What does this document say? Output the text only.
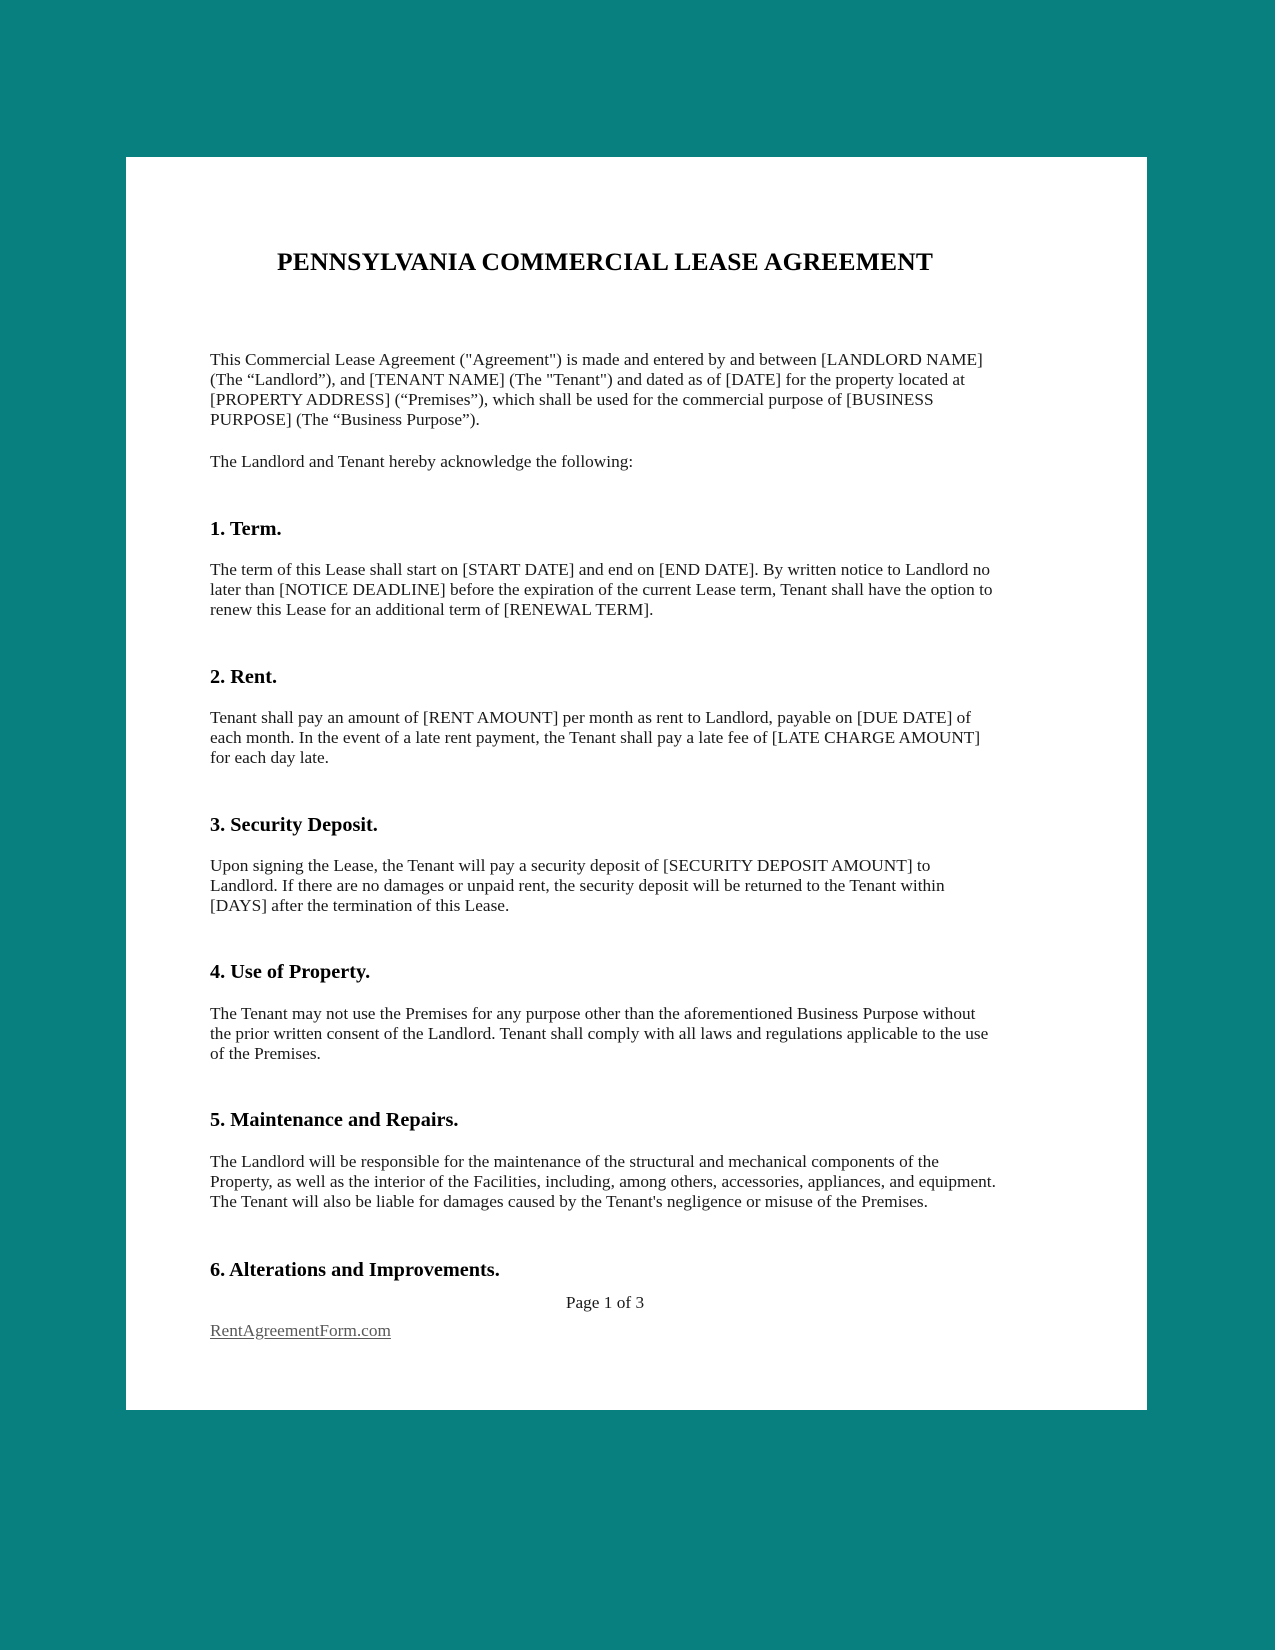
PENNSYLVANIA COMMERCIAL LEASE AGREEMENT

This Commercial Lease Agreement ("Agreement") is made and entered by and between [LANDLORD NAME] (The “Landlord”), and [TENANT NAME] (The "Tenant") and dated as of [DATE] for the property located at [PROPERTY ADDRESS] (“Premises”), which shall be used for the commercial purpose of [BUSINESS PURPOSE] (The “Business Purpose”).

The Landlord and Tenant hereby acknowledge the following:

1. Term.

The term of this Lease shall start on [START DATE] and end on [END DATE]. By written notice to Landlord no later than [NOTICE DEADLINE] before the expiration of the current Lease term, Tenant shall have the option to renew this Lease for an additional term of [RENEWAL TERM].

2. Rent.

Tenant shall pay an amount of [RENT AMOUNT] per month as rent to Landlord, payable on [DUE DATE] of each month. In the event of a late rent payment, the Tenant shall pay a late fee of [LATE CHARGE AMOUNT] for each day late.

3. Security Deposit.

Upon signing the Lease, the Tenant will pay a security deposit of [SECURITY DEPOSIT AMOUNT] to Landlord. If there are no damages or unpaid rent, the security deposit will be returned to the Tenant within [DAYS] after the termination of this Lease.

4. Use of Property.

The Tenant may not use the Premises for any purpose other than the aforementioned Business Purpose without the prior written consent of the Landlord. Tenant shall comply with all laws and regulations applicable to the use of the Premises.

5. Maintenance and Repairs.

The Landlord will be responsible for the maintenance of the structural and mechanical components of the Property, as well as the interior of the Facilities, including, among others, accessories, appliances, and equipment. The Tenant will also be liable for damages caused by the Tenant's negligence or misuse of the Premises.

6. Alterations and Improvements.
Page 1 of 3
RentAgreementForm.com
